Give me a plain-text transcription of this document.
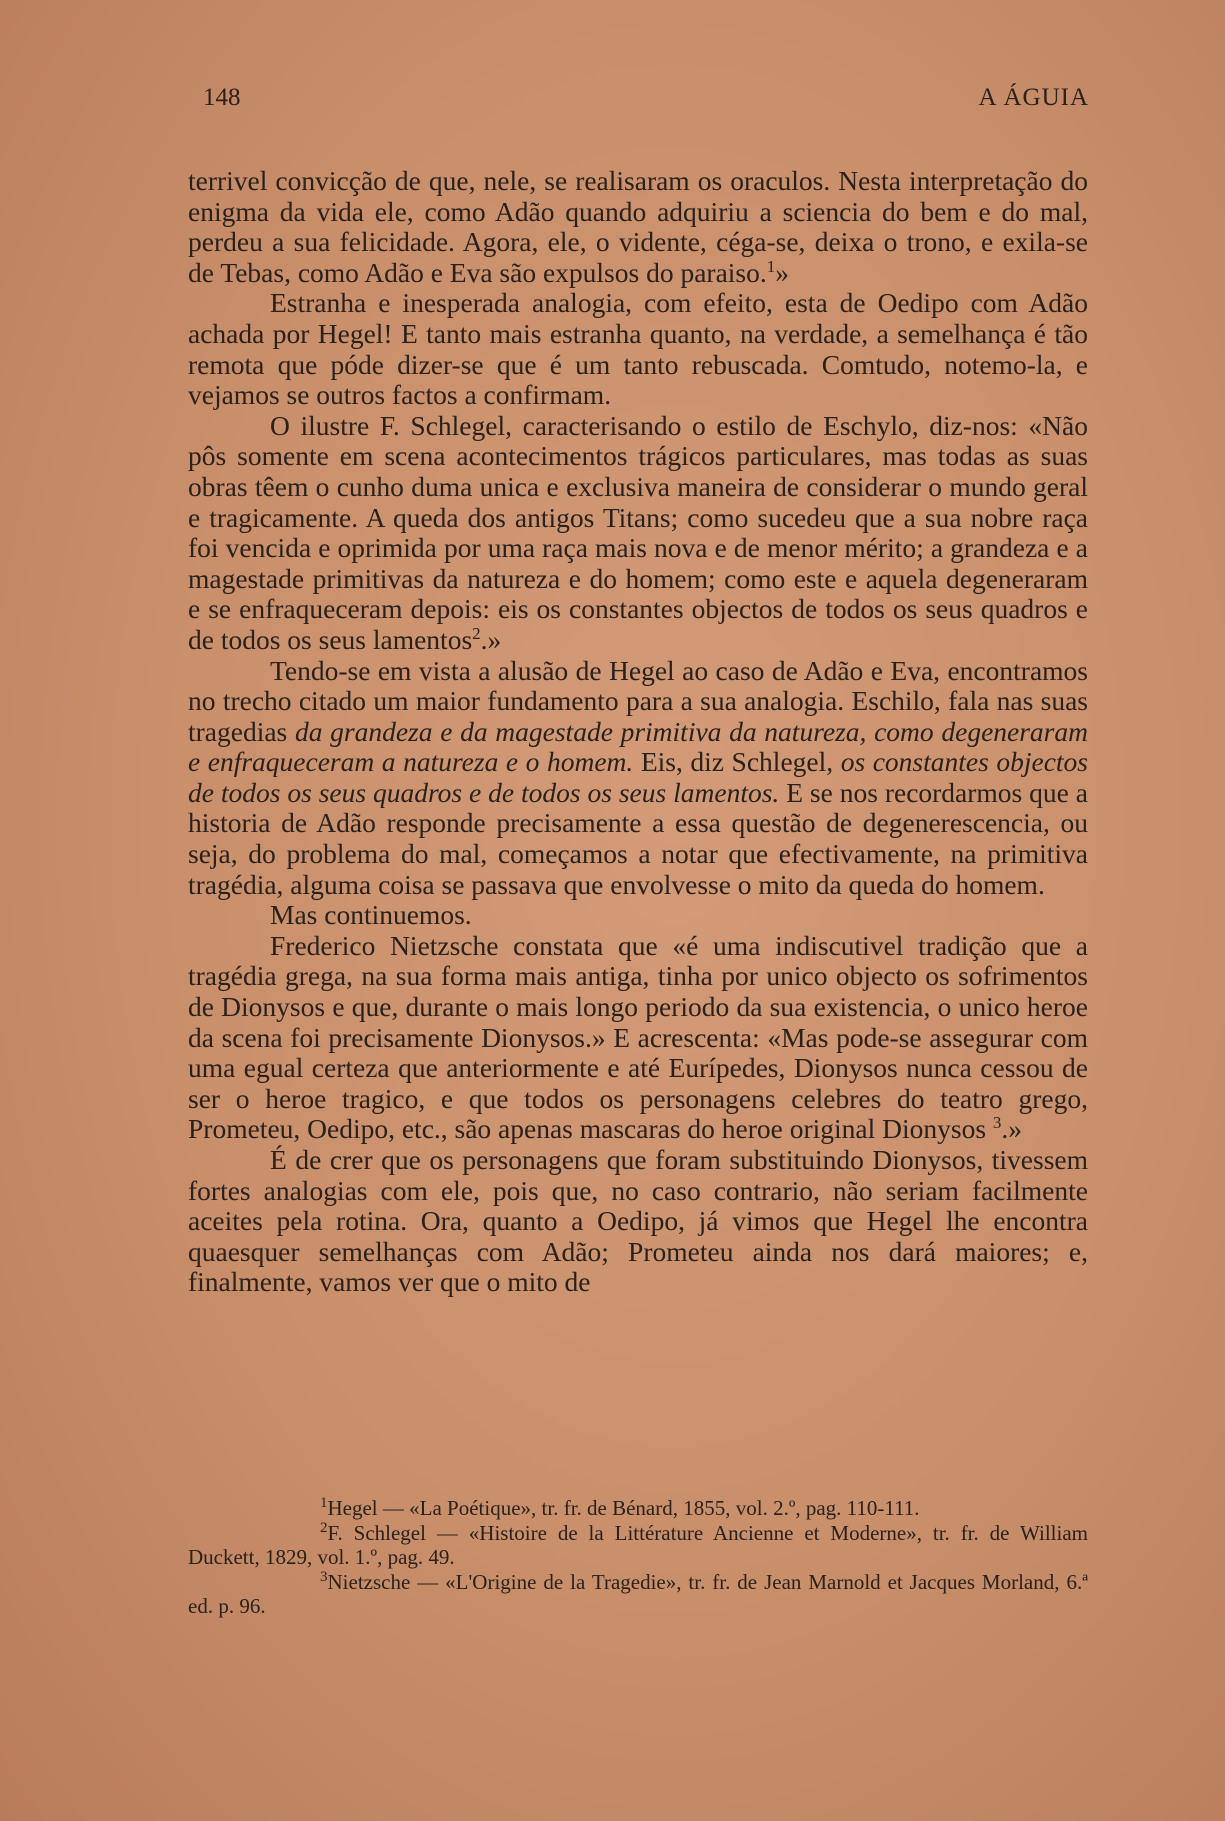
148	A ÁGUIA

terrivel convicção de que, nele, se realisaram os oraculos. Nesta interpretação do enigma da vida ele, como Adão quando adquiriu a sciencia do bem e do mal, perdeu a sua felicidade. Agora, ele, o vidente, céga-se, deixa o trono, e exila-se de Tebas, como Adão e Eva são expulsos do paraiso.$^1$»

Estranha e inesperada analogia, com efeito, esta de Oedipo com Adão achada por Hegel! E tanto mais estranha quanto, na verdade, a semelhança é tão remota que póde dizer-se que é um tanto rebuscada. Comtudo, notemo-la, e vejamos se outros factos a confirmam.

O ilustre F. Schlegel, caracterisando o estilo de Eschylo, diz-nos: «Não pôs somente em scena acontecimentos trágicos particulares, mas todas as suas obras têem o cunho duma unica e exclusiva maneira de considerar o mundo geral e tragicamente. A queda dos antigos Titans; como sucedeu que a sua nobre raça foi vencida e oprimida por uma raça mais nova e de menor mérito; a grandeza e a magestade primitivas da natureza e do homem; como este e aquela degeneraram e se enfraqueceram depois: eis os constantes objectos de todos os seus quadros e de todos os seus lamentos$^2$.»

Tendo-se em vista a alusão de Hegel ao caso de Adão e Eva, encontramos no trecho citado um maior fundamento para a sua analogia. Eschilo, fala nas suas tragedias da grandeza e da magestade primitiva da natureza, como degeneraram e enfraqueceram a natureza e o homem. Eis, diz Schlegel, os constantes objectos de todos os seus quadros e de todos os seus lamentos. E se nos recordarmos que a historia de Adão responde precisamente a essa questão de degenerescencia, ou seja, do problema do mal, começamos a notar que efectivamente, na primitiva tragédia, alguma coisa se passava que envolvesse o mito da queda do homem.

Mas continuemos.

Frederico Nietzsche constata que «é uma indiscutivel tradição que a tragédia grega, na sua forma mais antiga, tinha por unico objecto os sofrimentos de Dionysos e que, durante o mais longo periodo da sua existencia, o unico heroe da scena foi precisamente Dionysos.» E acrescenta: «Mas pode-se assegurar com uma egual certeza que anteriormente e até Eurípedes, Dionysos nunca cessou de ser o heroe tragico, e que todos os personagens celebres do teatro grego, Prometeu, Oedipo, etc., são apenas mascaras do heroe original Dionysos $^3$.»

É de crer que os personagens que foram substituindo Dionysos, tivessem fortes analogias com ele, pois que, no caso contrario, não seriam facilmente aceites pela rotina. Ora, quanto a Oedipo, já vimos que Hegel lhe encontra quaesquer semelhanças com Adão; Prometeu ainda nos dará maiores; e, finalmente, vamos ver que o mito de

1Hegel — «La Poétique», tr. fr. de Bénard, 1855, vol. 2.º, pag. 110-111.

2F. Schlegel — «Histoire de la Littérature Ancienne et Moderne», tr. fr. de William Duckett, 1829, vol. 1.º, pag. 49.

3Nietzsche — «L'Origine de la Tragedie», tr. fr. de Jean Marnold et Jacques Morland, 6.ª ed. p. 96.
